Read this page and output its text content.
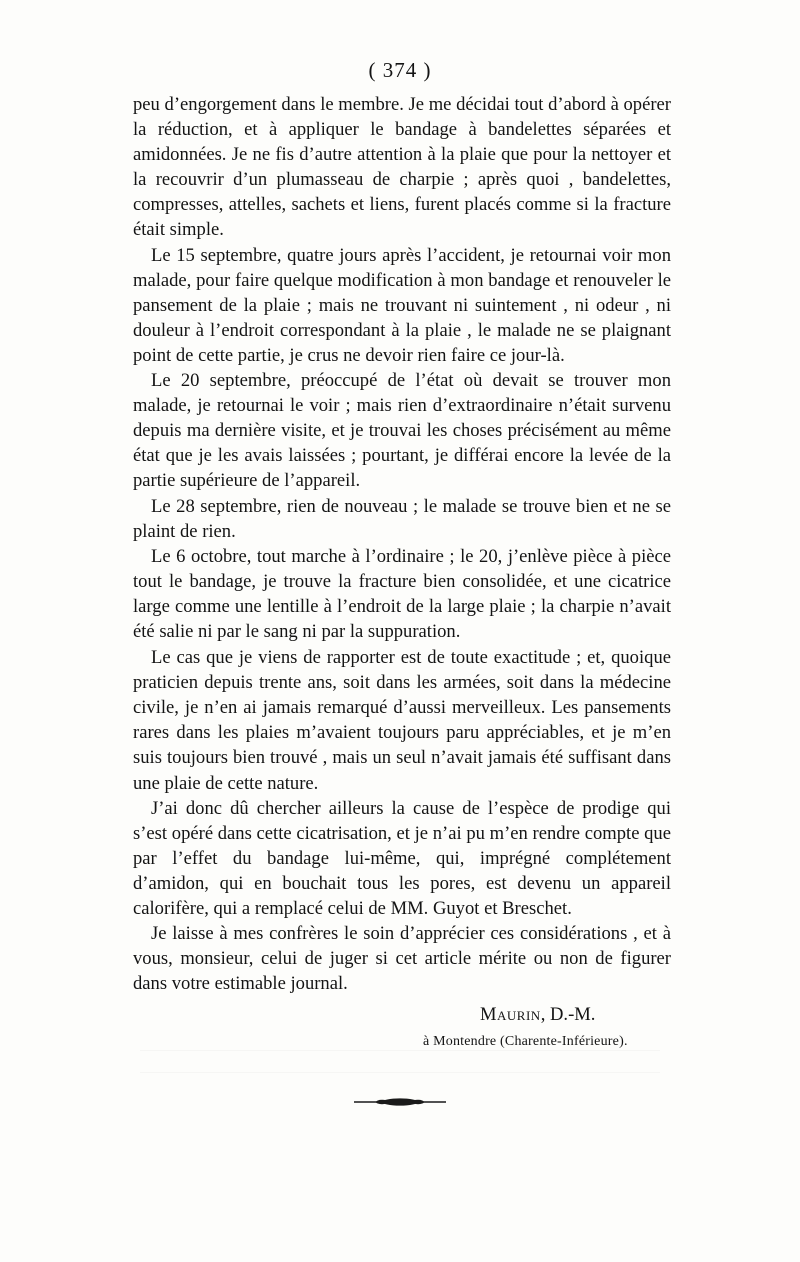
( 374 )

peu d’engorgement dans le membre. Je me décidai tout d’abord à opérer la réduction, et à appliquer le bandage à bandelettes séparées et amidonnées. Je ne fis d’autre attention à la plaie que pour la nettoyer et la recouvrir d’un plumasseau de charpie ; après quoi , bandelettes, compresses, attelles, sachets et liens, furent placés comme si la fracture était simple.

Le 15 septembre, quatre jours après l’accident, je retournai voir mon malade, pour faire quelque modification à mon bandage et renouveler le pansement de la plaie ; mais ne trouvant ni suintement , ni odeur , ni douleur à l’endroit correspondant à la plaie , le malade ne se plaignant point de cette partie, je crus ne devoir rien faire ce jour-là.

Le 20 septembre, préoccupé de l’état où devait se trouver mon malade, je retournai le voir ; mais rien d’extraordinaire n’était survenu depuis ma dernière visite, et je trouvai les choses précisément au même état que je les avais laissées ; pourtant, je différai encore la levée de la partie supérieure de l’appareil.

Le 28 septembre, rien de nouveau ; le malade se trouve bien et ne se plaint de rien.

Le 6 octobre, tout marche à l’ordinaire ; le 20, j’enlève pièce à pièce tout le bandage, je trouve la fracture bien consolidée, et une cicatrice large comme une lentille à l’endroit de la large plaie ; la charpie n’avait été salie ni par le sang ni par la suppuration.

Le cas que je viens de rapporter est de toute exactitude ; et, quoique praticien depuis trente ans, soit dans les armées, soit dans la médecine civile, je n’en ai jamais remarqué d’aussi merveilleux. Les pansements rares dans les plaies m’avaient toujours paru appréciables, et je m’en suis toujours bien trouvé , mais un seul n’avait jamais été suffisant dans une plaie de cette nature.

J’ai donc dû chercher ailleurs la cause de l’espèce de prodige qui s’est opéré dans cette cicatrisation, et je n’ai pu m’en rendre compte que par l’effet du bandage lui-même, qui, imprégné complétement d’amidon, qui en bouchait tous les pores, est devenu un appareil calorifère, qui a remplacé celui de MM. Guyot et Breschet.

Je laisse à mes confrères le soin d’apprécier ces considérations , et à vous, monsieur, celui de juger si cet article mérite ou non de figurer dans votre estimable journal.

Maurin, D.-M.
à Montendre (Charente-Inférieure).
